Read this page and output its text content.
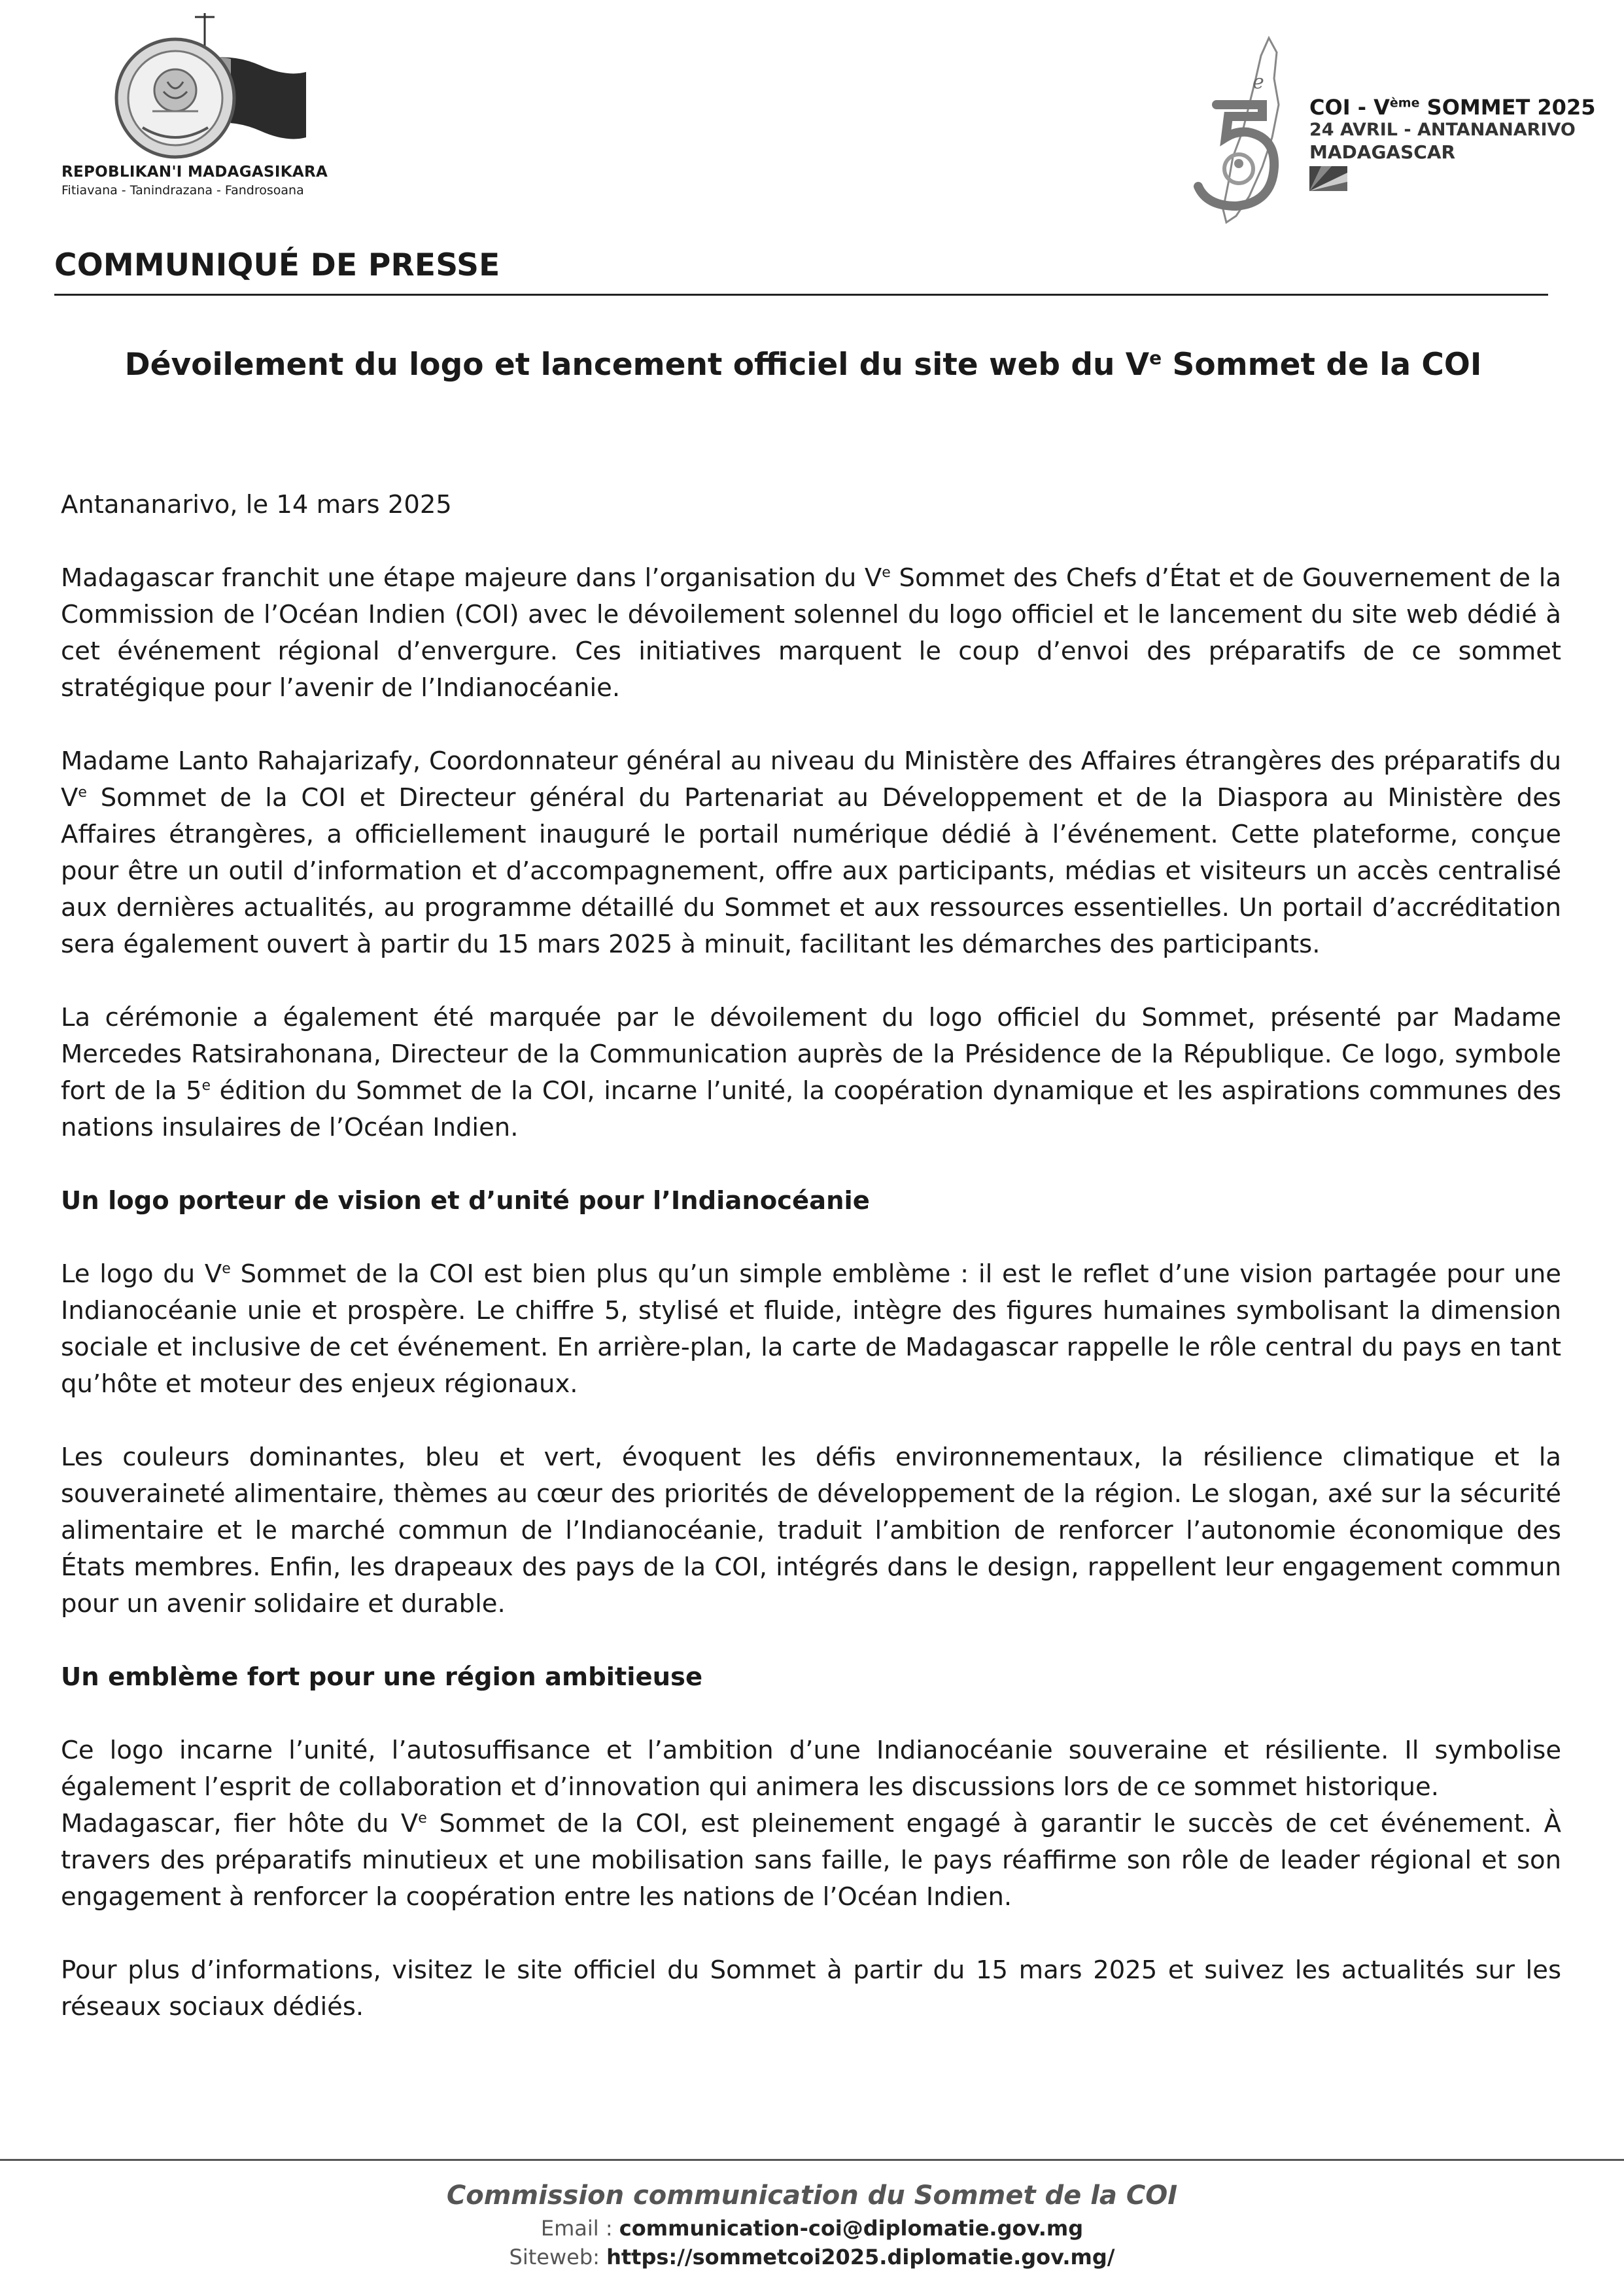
REPOBLIKAN'I MADAGASIKARA
Fitiavana - Tanindrazana - Fandrosoana
e
COI - Vème SOMMET 2025
24 AVRIL - ANTANANARIVO
MADAGASCAR
COMMUNIQUÉ DE PRESSE
Dévoilement du logo et lancement officiel du site web du Ve Sommet de la COI

Antananarivo, le 14 mars 2025

Madagascar franchit une étape majeure dans l’organisation du Ve Sommet des Chefs d’État et de Gouvernement de la Commission de l’Océan Indien (COI) avec le dévoilement solennel du logo officiel et le lancement du site web dédié à cet événement régional d’envergure. Ces initiatives marquent le coup d’envoi des préparatifs de ce sommet stratégique pour l’avenir de l’Indianocéanie.

Madame Lanto Rahajarizafy, Coordonnateur général au niveau du Ministère des Affaires étrangères des préparatifs du Ve Sommet de la COI et Directeur général du Partenariat au Développement et de la Diaspora au Ministère des Affaires étrangères, a officiellement inauguré le portail numérique dédié à l’événement. Cette plateforme, conçue pour être un outil d’information et d’accompagnement, offre aux participants, médias et visiteurs un accès centralisé aux dernières actualités, au programme détaillé du Sommet et aux ressources essentielles. Un portail d’accréditation sera également ouvert à partir du 15 mars 2025 à minuit, facilitant les démarches des participants.

La cérémonie a également été marquée par le dévoilement du logo officiel du Sommet, présenté par Madame Mercedes Ratsirahonana, Directeur de la Communication auprès de la Présidence de la République. Ce logo, symbole fort de la 5e édition du Sommet de la COI, incarne l’unité, la coopération dynamique et les aspirations communes des nations insulaires de l’Océan Indien.

Un logo porteur de vision et d’unité pour l’Indianocéanie

Le logo du Ve Sommet de la COI est bien plus qu’un simple emblème : il est le reflet d’une vision partagée pour une Indianocéanie unie et prospère. Le chiffre 5, stylisé et fluide, intègre des figures humaines symbolisant la dimension sociale et inclusive de cet événement. En arrière-plan, la carte de Madagascar rappelle le rôle central du pays en tant qu’hôte et moteur des enjeux régionaux.

Les couleurs dominantes, bleu et vert, évoquent les défis environnementaux, la résilience climatique et la souveraineté alimentaire, thèmes au cœur des priorités de développement de la région. Le slogan, axé sur la sécurité alimentaire et le marché commun de l’Indianocéanie, traduit l’ambition de renforcer l’autonomie économique des États membres. Enfin, les drapeaux des pays de la COI, intégrés dans le design, rappellent leur engagement commun pour un avenir solidaire et durable.

Un emblème fort pour une région ambitieuse

Ce logo incarne l’unité, l’autosuffisance et l’ambition d’une Indianocéanie souveraine et résiliente. Il symbolise également l’esprit de collaboration et d’innovation qui animera les discussions lors de ce sommet historique.

Madagascar, fier hôte du Ve Sommet de la COI, est pleinement engagé à garantir le succès de cet événement. À travers des préparatifs minutieux et une mobilisation sans faille, le pays réaffirme son rôle de leader régional et son engagement à renforcer la coopération entre les nations de l’Océan Indien.

Pour plus d’informations, visitez le site officiel du Sommet à partir du 15 mars 2025 et suivez les actualités sur les réseaux sociaux dédiés.

Commission communication du Sommet de la COI
Email : communication-coi@diplomatie.gov.mg
Siteweb: https://sommetcoi2025.diplomatie.gov.mg/
